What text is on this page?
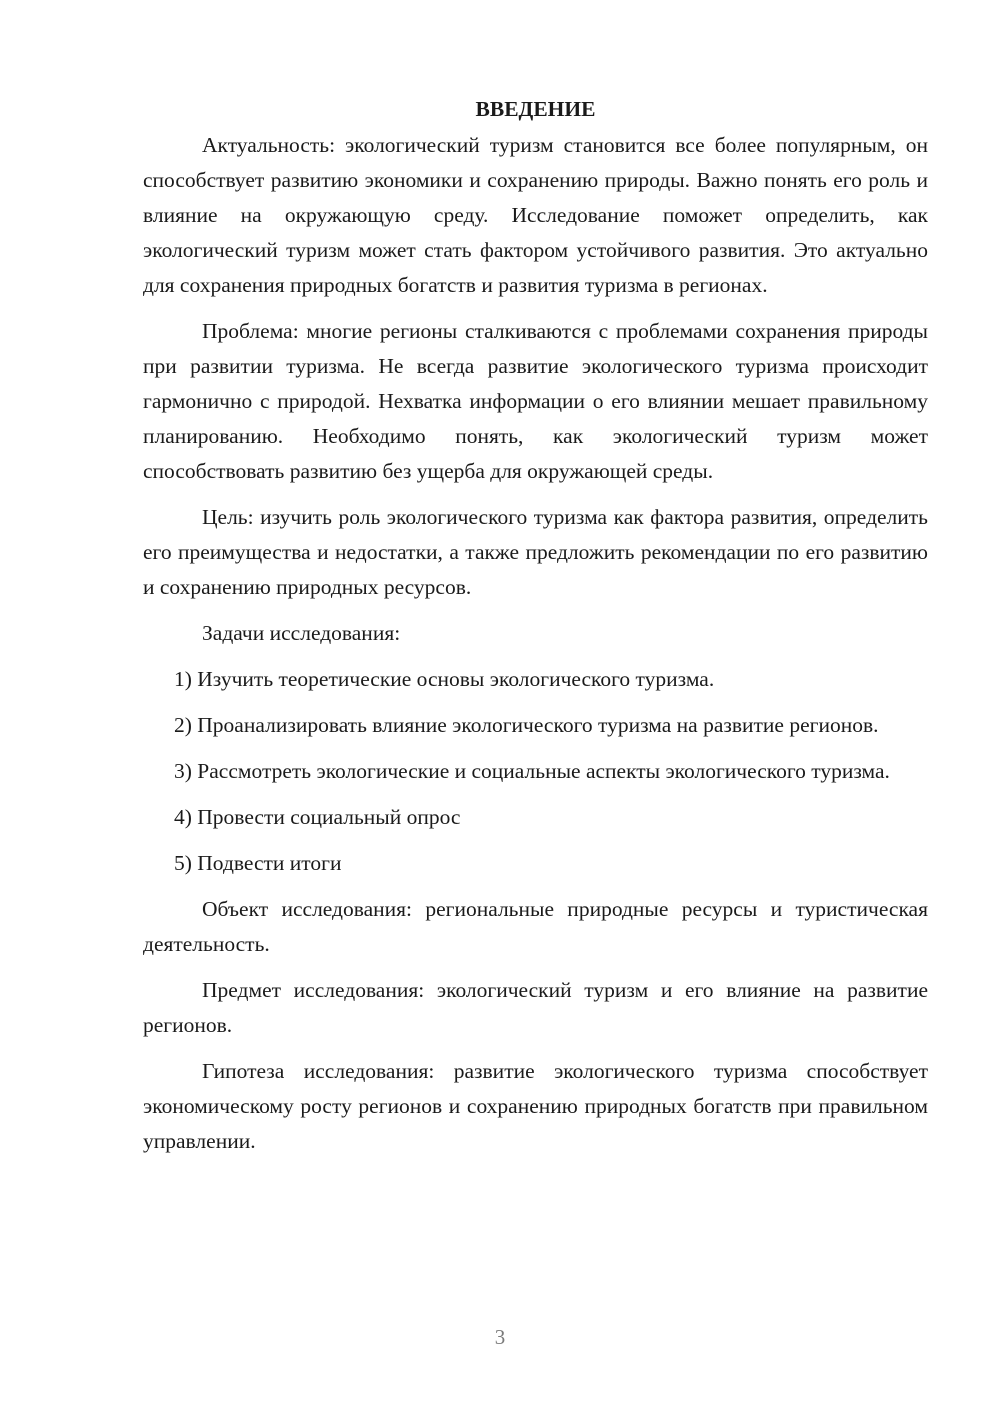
ВВЕДЕНИЕ

Актуальность: экологический туризм становится все более популярным, он способствует развитию экономики и сохранению природы. Важно понять его роль и влияние на окружающую среду. Исследование поможет определить, как экологический туризм может стать фактором устойчивого развития. Это актуально для сохранения природных богатств и развития туризма в регионах.

Проблема: многие регионы сталкиваются с проблемами сохранения природы при развитии туризма. Не всегда развитие экологического туризма происходит гармонично с природой. Нехватка информации о его влиянии мешает правильному планированию. Необходимо понять, как экологический туризм может способствовать развитию без ущерба для окружающей среды.

Цель: изучить роль экологического туризма как фактора развития, определить его преимущества и недостатки, а также предложить рекомендации по его развитию и сохранению природных ресурсов.

Задачи исследования:

1) Изучить теоретические основы экологического туризма.

2) Проанализировать влияние экологического туризма на развитие регионов.

3) Рассмотреть экологические и социальные аспекты экологического туризма.

4) Провести социальный опрос

5) Подвести итоги

Объект исследования: региональные природные ресурсы и туристическая деятельность.

Предмет исследования: экологический туризм и его влияние на развитие регионов.

Гипотеза исследования: развитие экологического туризма способствует экономическому росту регионов и сохранению природных богатств при правильном управлении.

3
